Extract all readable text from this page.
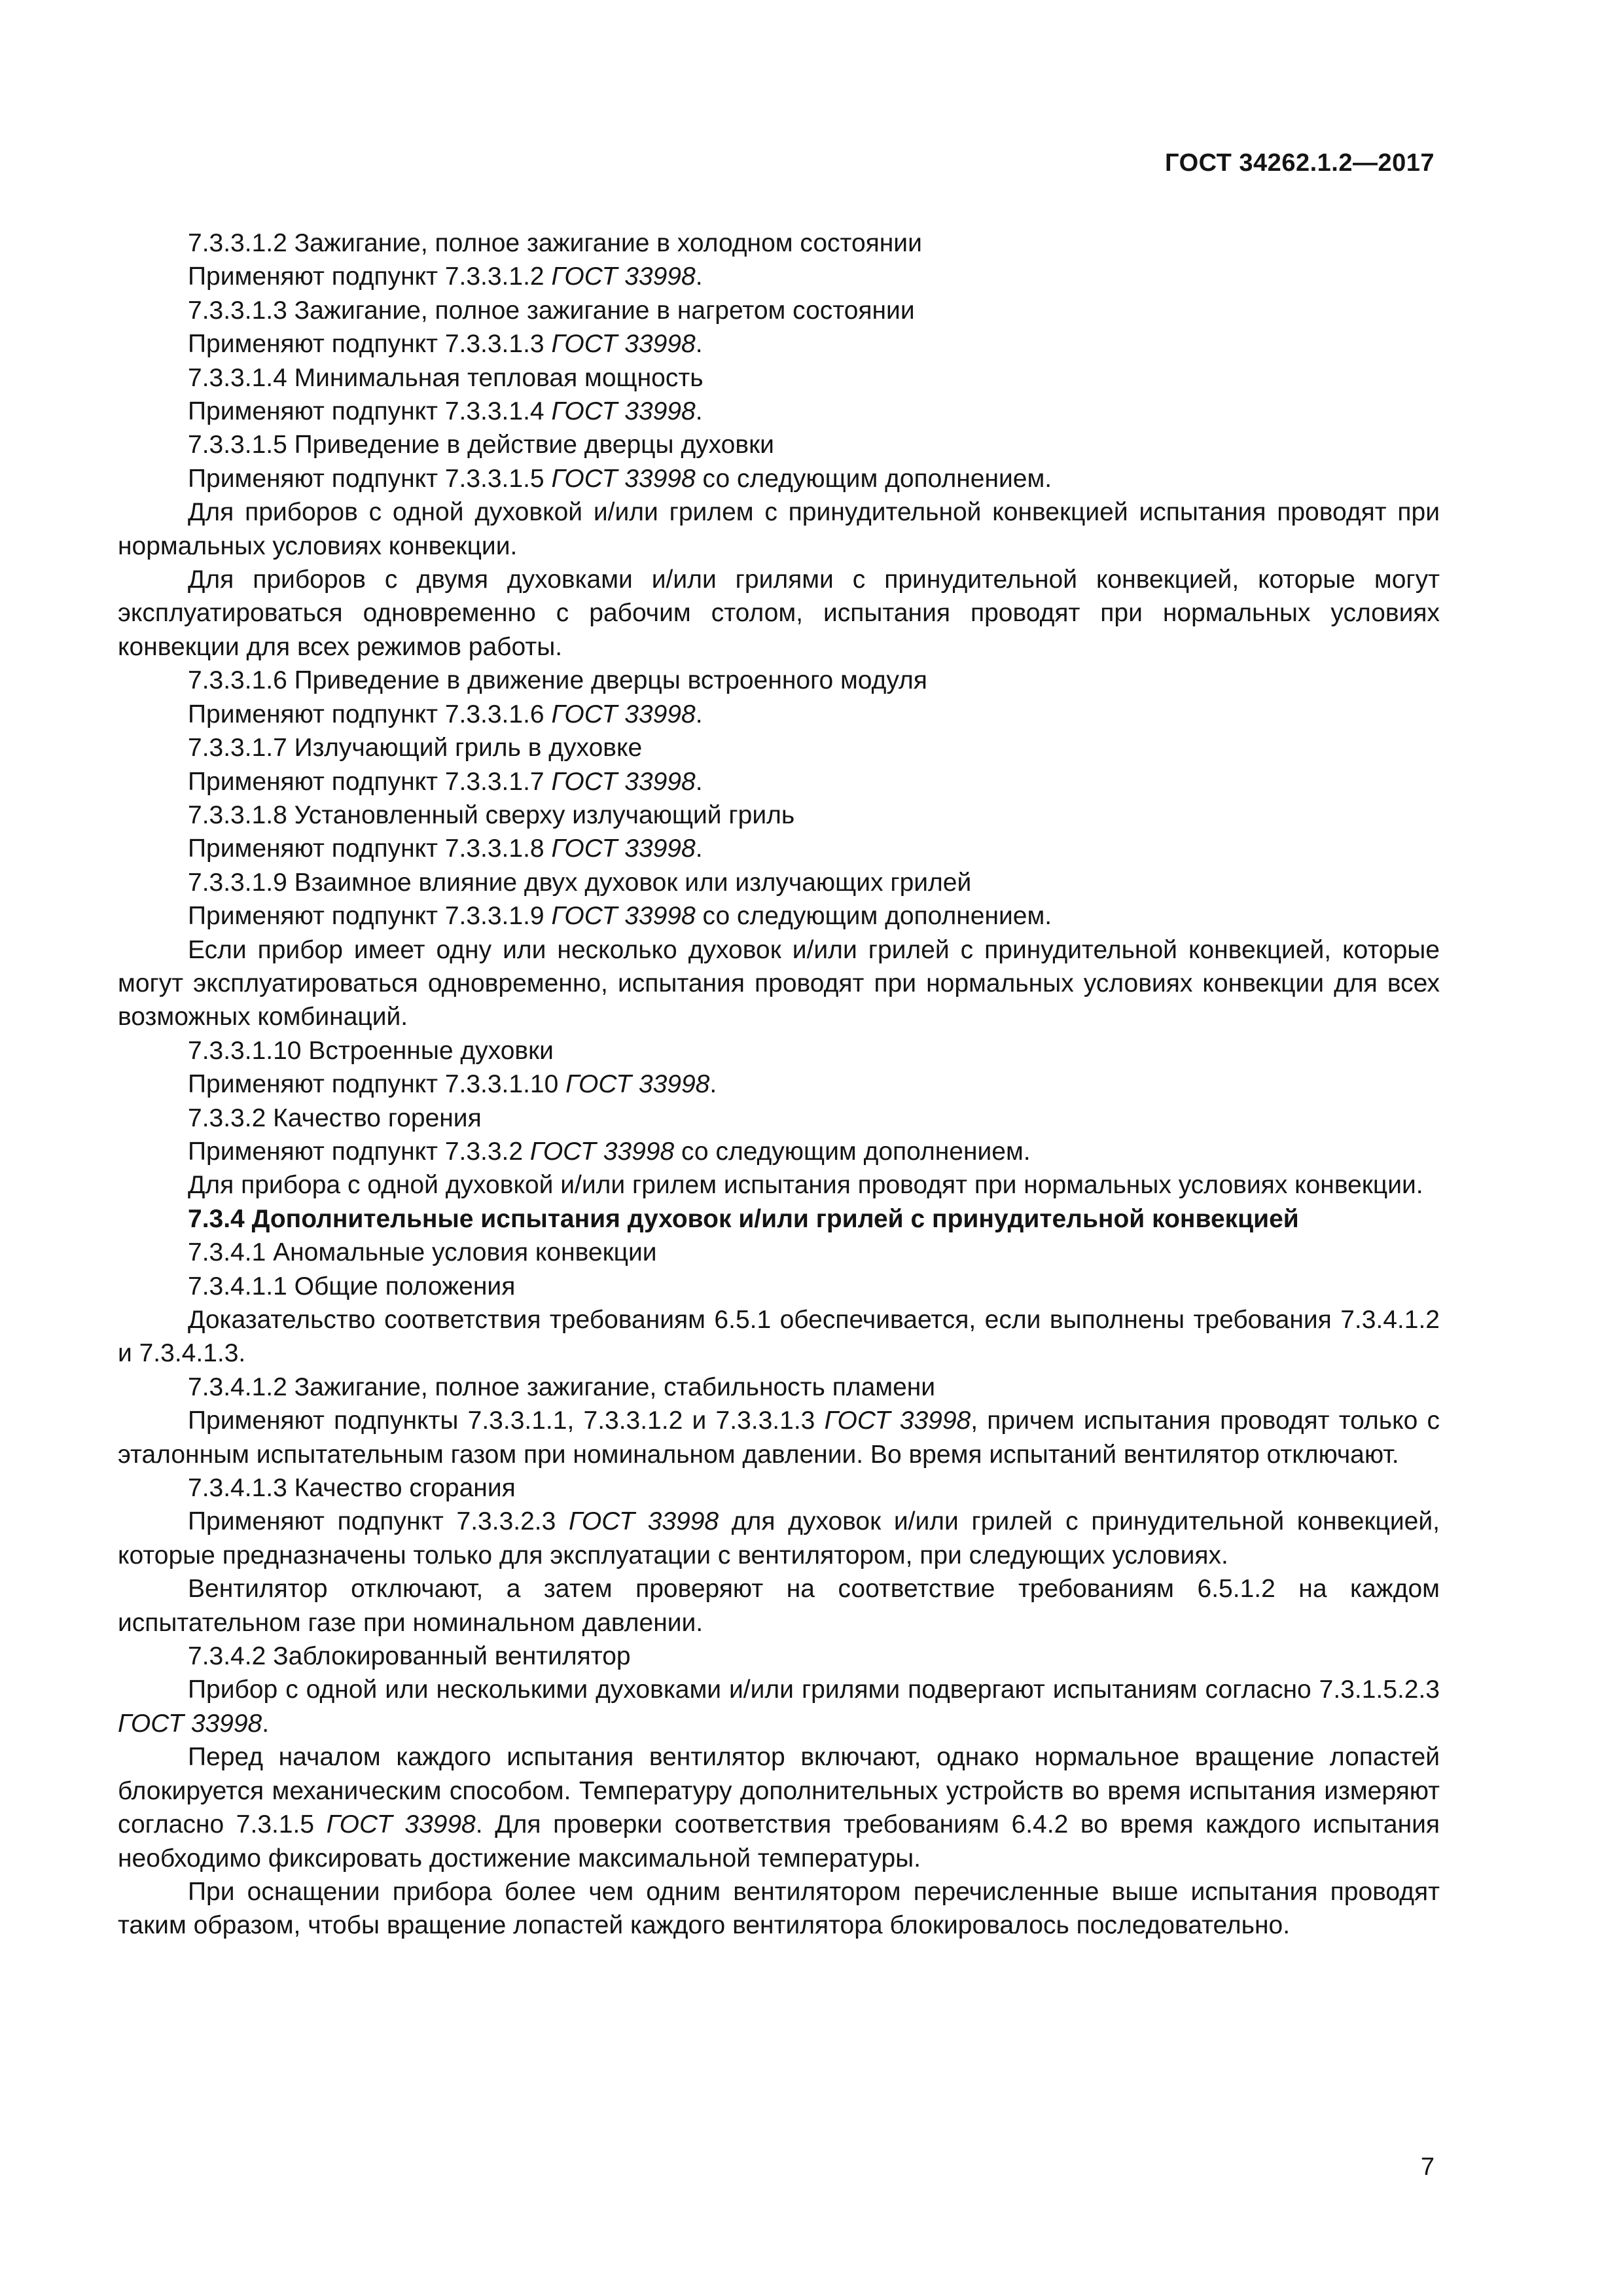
ГОСТ 34262.1.2—2017

7.3.3.1.2 Зажигание, полное зажигание в холодном состоянии

Применяют подпункт 7.3.3.1.2 ГОСТ 33998.

7.3.3.1.3 Зажигание, полное зажигание в нагретом состоянии

Применяют подпункт 7.3.3.1.3 ГОСТ 33998.

7.3.3.1.4 Минимальная тепловая мощность

Применяют подпункт 7.3.3.1.4 ГОСТ 33998.

7.3.3.1.5 Приведение в действие дверцы духовки

Применяют подпункт 7.3.3.1.5 ГОСТ 33998 со следующим дополнением.

Для приборов с одной духовкой и/или грилем с принудительной конвекцией испытания проводят при нормальных условиях конвекции.

Для приборов с двумя духовками и/или грилями с принудительной конвекцией, которые могут эксплуатироваться одновременно с рабочим столом, испытания проводят при нормальных условиях конвекции для всех режимов работы.

7.3.3.1.6 Приведение в движение дверцы встроенного модуля

Применяют подпункт 7.3.3.1.6 ГОСТ 33998.

7.3.3.1.7 Излучающий гриль в духовке

Применяют подпункт 7.3.3.1.7 ГОСТ 33998.

7.3.3.1.8 Установленный сверху излучающий гриль

Применяют подпункт 7.3.3.1.8 ГОСТ 33998.

7.3.3.1.9 Взаимное влияние двух духовок или излучающих грилей

Применяют подпункт 7.3.3.1.9 ГОСТ 33998 со следующим дополнением.

Если прибор имеет одну или несколько духовок и/или грилей с принудительной конвекцией, которые могут эксплуатироваться одновременно, испытания проводят при нормальных условиях конвекции для всех возможных комбинаций.

7.3.3.1.10 Встроенные духовки

Применяют подпункт 7.3.3.1.10 ГОСТ 33998.

7.3.3.2 Качество горения

Применяют подпункт 7.3.3.2 ГОСТ 33998 со следующим дополнением.

Для прибора с одной духовкой и/или грилем испытания проводят при нормальных условиях конвекции.

7.3.4 Дополнительные испытания духовок и/или грилей с принудительной конвекцией

7.3.4.1 Аномальные условия конвекции

7.3.4.1.1 Общие положения

Доказательство соответствия требованиям 6.5.1 обеспечивается, если выполнены требования 7.3.4.1.2 и 7.3.4.1.3.

7.3.4.1.2 Зажигание, полное зажигание, стабильность пламени

Применяют подпункты 7.3.3.1.1, 7.3.3.1.2 и 7.3.3.1.3 ГОСТ 33998, причем испытания проводят только с эталонным испытательным газом при номинальном давлении. Во время испытаний вентилятор отключают.

7.3.4.1.3 Качество сгорания

Применяют подпункт 7.3.3.2.3 ГОСТ 33998 для духовок и/или грилей с принудительной конвекцией, которые предназначены только для эксплуатации с вентилятором, при следующих условиях.

Вентилятор отключают, а затем проверяют на соответствие требованиям 6.5.1.2 на каждом испытательном газе при номинальном давлении.

7.3.4.2 Заблокированный вентилятор

Прибор с одной или несколькими духовками и/или грилями подвергают испытаниям согласно 7.3.1.5.2.3 ГОСТ 33998.

Перед началом каждого испытания вентилятор включают, однако нормальное вращение лопастей блокируется механическим способом. Температуру дополнительных устройств во время испытания измеряют согласно 7.3.1.5 ГОСТ 33998. Для проверки соответствия требованиям 6.4.2 во время каждого испытания необходимо фиксировать достижение максимальной температуры.

При оснащении прибора более чем одним вентилятором перечисленные выше испытания проводят таким образом, чтобы вращение лопастей каждого вентилятора блокировалось последовательно.

7
